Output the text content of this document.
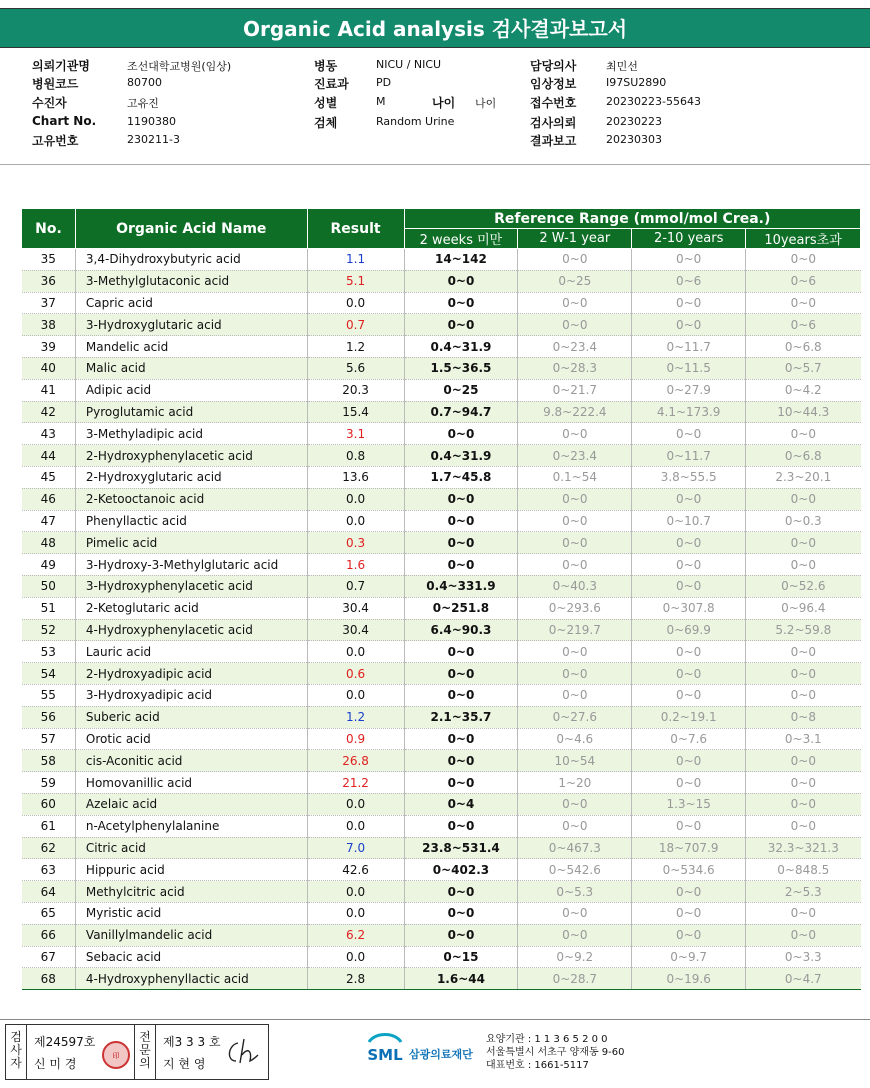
Organic Acid analysis 검사결과보고서
의뢰기관명	조선대학교병원(임상)
병원코드	80700
수진자	고유진
Chart No.	1190380
고유번호	230211-3
병동	NICU / NICU
진료과 PD
성별	M
검체	Random Urine
담당의사	최민선
임상정보	I97SU2890
접수번호	20230223-55643
검사의뢰	20230223
결과보고	20230303
나이 나이
No.	Organic Acid Name	Result	Reference Range (mmol/mol Crea.)			
			2 weeks 미만	2 W-1 year	2-10 years	10years초과
35	3,4-Dihydroxybutyric acid	1.1	14~142	0~0	0~0	0~0
36	3-Methylglutaconic acid	5.1	0~0	0~25	0~6	0~6
37	Capric acid	0.0	0~0	0~0	0~0	0~0
38	3-Hydroxyglutaric acid	0.7	0~0	0~0	0~0	0~6
39	Mandelic acid	1.2	0.4~31.9	0~23.4	0~11.7	0~6.8
40	Malic acid	5.6	1.5~36.5	0~28.3	0~11.5	0~5.7
41	Adipic acid	20.3	0~25	0~21.7	0~27.9	0~4.2
42	Pyroglutamic acid	15.4	0.7~94.7	9.8~222.4	4.1~173.9	10~44.3
43	3-Methyladipic acid	3.1	0~0	0~0	0~0	0~0
44	2-Hydroxyphenylacetic acid	0.8	0.4~31.9	0~23.4	0~11.7	0~6.8
45	2-Hydroxyglutaric acid	13.6	1.7~45.8	0.1~54	3.8~55.5	2.3~20.1
46	2-Ketooctanoic acid	0.0	0~0	0~0	0~0	0~0
47	Phenyllactic acid	0.0	0~0	0~0	0~10.7	0~0.3
48	Pimelic acid	0.3	0~0	0~0	0~0	0~0
49	3-Hydroxy-3-Methylglutaric acid	1.6	0~0	0~0	0~0	0~0
50	3-Hydroxyphenylacetic acid	0.7	0.4~331.9	0~40.3	0~0	0~52.6
51	2-Ketoglutaric acid	30.4	0~251.8	0~293.6	0~307.8	0~96.4
52	4-Hydroxyphenylacetic acid	30.4	6.4~90.3	0~219.7	0~69.9	5.2~59.8
53	Lauric acid	0.0	0~0	0~0	0~0	0~0
54	2-Hydroxyadipic acid	0.6	0~0	0~0	0~0	0~0
55	3-Hydroxyadipic acid	0.0	0~0	0~0	0~0	0~0
56	Suberic acid	1.2	2.1~35.7	0~27.6	0.2~19.1	0~8
57	Orotic acid	0.9	0~0	0~4.6	0~7.6	0~3.1
58	cis-Aconitic acid	26.8	0~0	10~54	0~0	0~0
59	Homovanillic acid	21.2	0~0	1~20	0~0	0~0
60	Azelaic acid	0.0	0~4	0~0	1.3~15	0~0
61	n-Acetylphenylalanine	0.0	0~0	0~0	0~0	0~0
62	Citric acid	7.0	23.8~531.4	0~467.3	18~707.9	32.3~321.3
63	Hippuric acid	42.6	0~402.3	0~542.6	0~534.6	0~848.5
64	Methylcitric acid	0.0	0~0	0~5.3	0~0	2~5.3
65	Myristic acid	0.0	0~0	0~0	0~0	0~0
66	Vanillylmandelic acid	6.2	0~0	0~0	0~0	0~0
67	Sebacic acid	0.0	0~15	0~9.2	0~9.7	0~3.3
68	4-Hydroxyphenyllactic acid	2.8	1.6~44	0~28.7	0~19.6	0~4.7
검
사
자
제24597호
신 미 경
印
전
문
의
제3 3 3 호
지 현 영	SML 삼광의료재단
요양기관 : 1 1 3 6 5 2 0 0
서울특별시 서초구 양재동 9-60
대표번호 : 1661-5117
